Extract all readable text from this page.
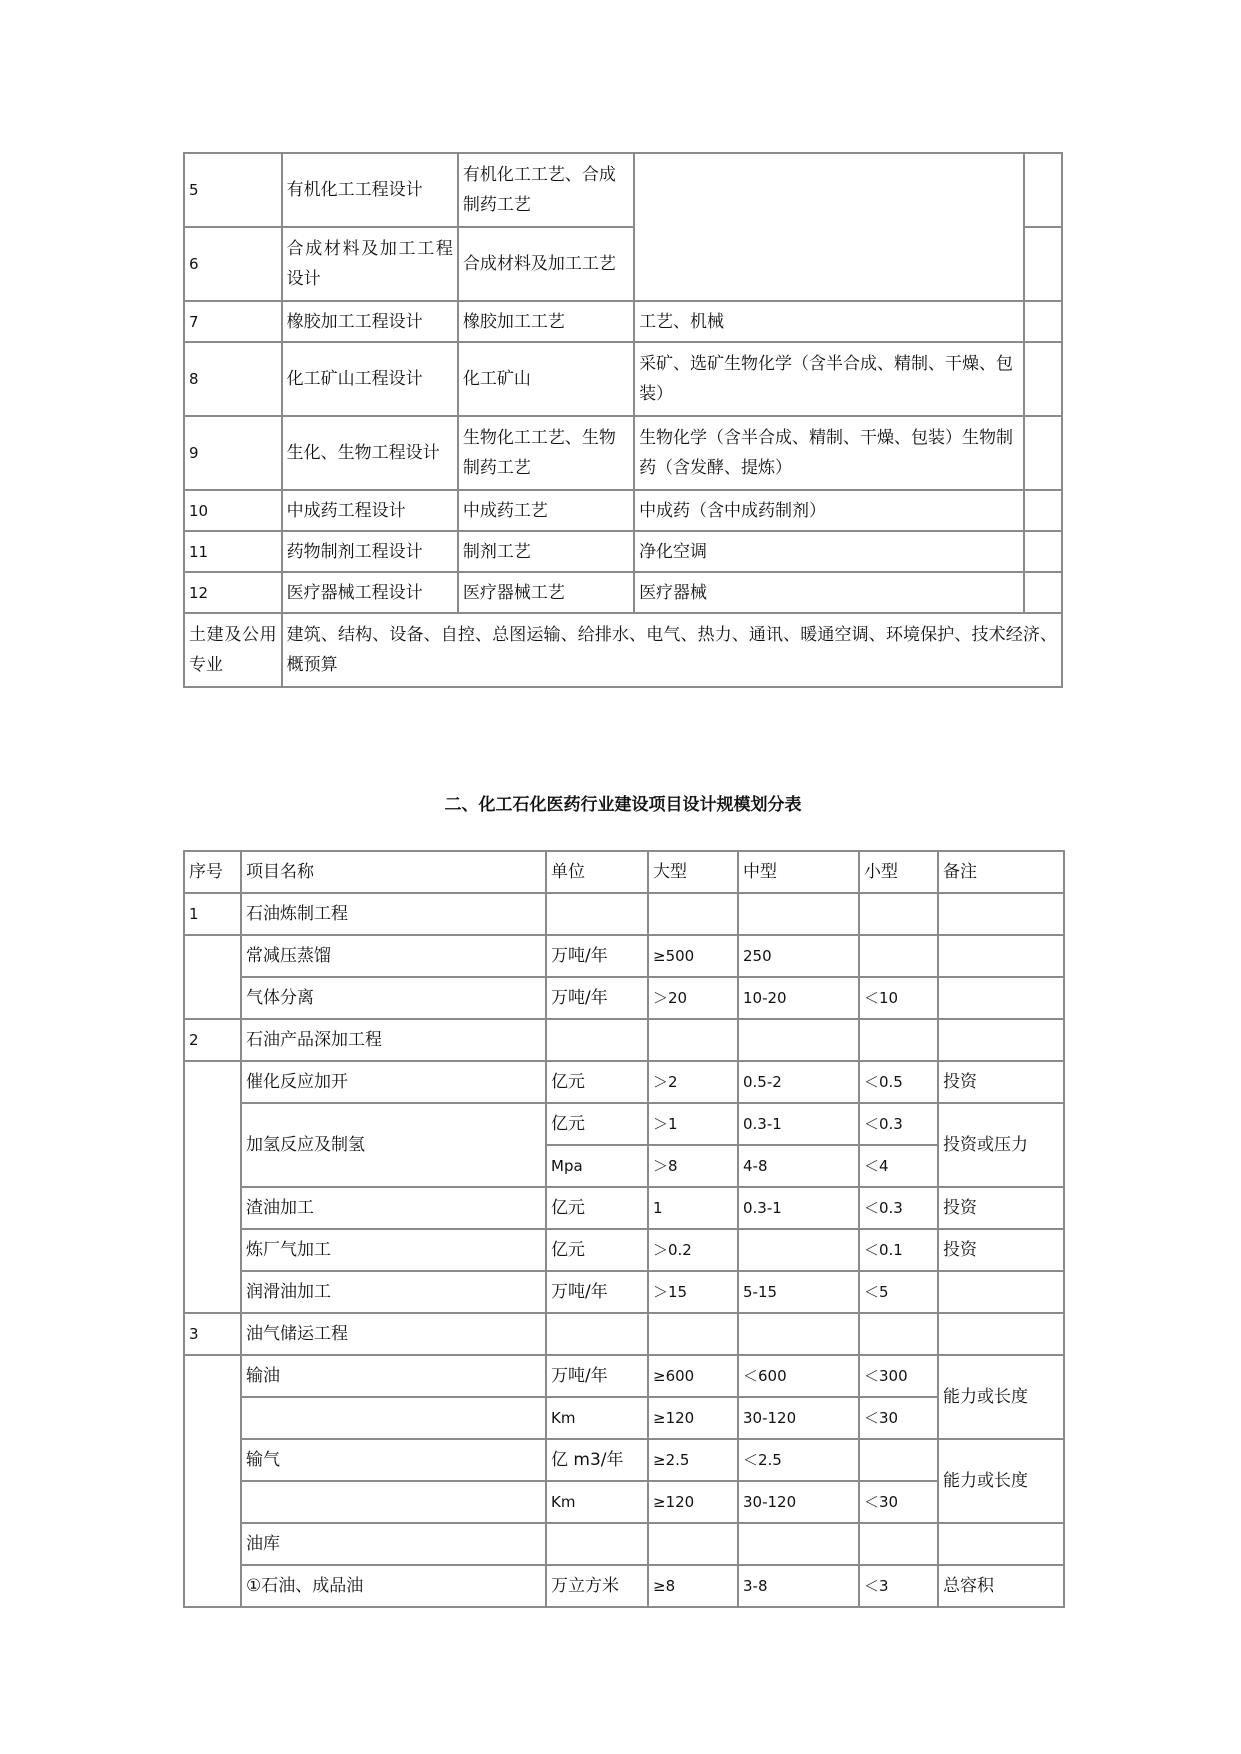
5	有机化工工程设计	有机化工工艺、合成制药工艺		
6	合成材料及加工工程设计	合成材料及加工工艺		
7	橡胶加工工程设计	橡胶加工工艺	工艺、机械	
8	化工矿山工程设计	化工矿山	采矿、选矿生物化学（含半合成、精制、干燥、包装）	
9	生化、生物工程设计	生物化工工艺、生物制药工艺	生物化学（含半合成、精制、干燥、包装）生物制药（含发酵、提炼）	
10	中成药工程设计	中成药工艺	中成药（含中成药制剂）	
11	药物制剂工程设计	制剂工艺	净化空调	
12	医疗器械工程设计	医疗器械工艺	医疗器械	
土建及公用专业	建筑、结构、设备、自控、总图运输、给排水、电气、热力、通讯、暖通空调、环境保护、技术经济、概预算			
二、化工石化医药行业建设项目设计规模划分表
序号	项目名称	单位	大型	中型	小型	备注
1	石油炼制工程					
	常减压蒸馏	万吨/年	≥500	250		
	气体分离	万吨/年	＞20	10-20	＜10	
2	石油产品深加工程					
	催化反应加开	亿元	＞2	0.5-2	＜0.5	投资
	加氢反应及制氢	亿元	＞1	0.3-1	＜0.3	投资或压力
		Mpa	＞8	4-8	＜4	
	渣油加工	亿元	1	0.3-1	＜0.3	投资
	炼厂气加工	亿元	＞0.2		＜0.1	投资
	润滑油加工	万吨/年	＞15	5-15	＜5	
3	油气储运工程					
	输油	万吨/年	≥600	＜600	＜300	能力或长度
		Km	≥120	30-120	＜30	
	输气	亿 m3/年	≥2.5	＜2.5		能力或长度
		Km	≥120	30-120	＜30	
	油库					
	①石油、成品油	万立方米	≥8	3-8	＜3	总容积
